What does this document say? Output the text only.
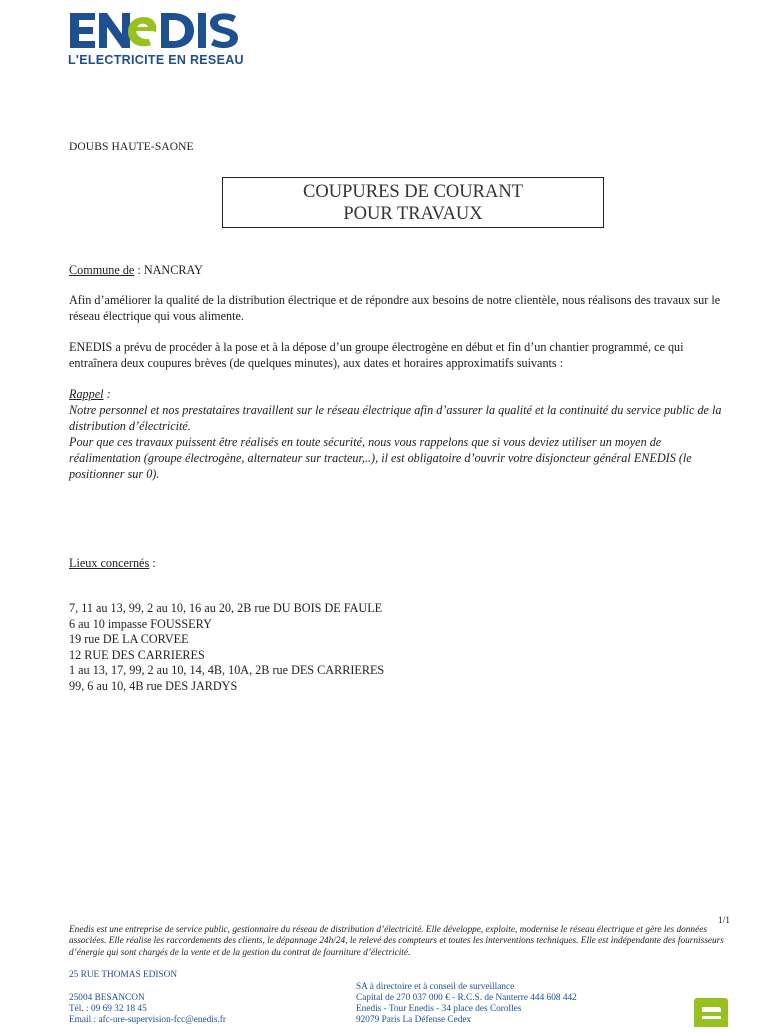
L'ELECTRICITE EN RESEAU
DOUBS HAUTE-SAONE
COUPURES DE COURANT
POUR TRAVAUX
Commune de : NANCRAY
Afin d’améliorer la qualité de la distribution électrique et de répondre aux besoins de notre clientèle, nous réalisons des travaux sur le réseau électrique qui vous alimente.
ENEDIS a prévu de procéder à la pose et à la dépose d’un groupe électrogène en début et fin d’un chantier programmé, ce qui entraînera deux coupures brèves (de quelques minutes), aux dates et horaires approximatifs suivants :
Rappel :
Notre personnel et nos prestataires travaillent sur le réseau électrique afin d’assurer la qualité et la continuité du service public de la distribution d’électricité.
Pour que ces travaux puissent être réalisés en toute sécurité, nous vous rappelons que si vous deviez utiliser un moyen de réalimentation (groupe électrogène, alternateur sur tracteur,..), il est obligatoire d’ouvrir votre disjoncteur général ENEDIS (le positionner sur 0).
Lieux concernés :
7, 11 au 13, 99, 2 au 10, 16 au 20, 2B rue DU BOIS DE FAULE
6 au 10 impasse FOUSSERY
19 rue DE LA CORVEE
12 RUE DES CARRIERES
1 au 13, 17, 99, 2 au 10, 14, 4B, 10A, 2B rue DES CARRIERES
99, 6 au 10, 4B rue DES JARDYS
1/1
Enedis est une entreprise de service public, gestionnaire du réseau de distribution d’électricité. Elle développe, exploite, modernise le réseau électrique et gère les données associées. Elle réalise les raccordements des clients, le dépannage 24h/24, le relevé des compteurs et toutes les interventions techniques. Elle est indépendante des fournisseurs d’énergie qui sont chargés de la vente et de la gestion du contrat de fourniture d’électricité.
25 RUE THOMAS EDISON
25004 BESANCON
Tél. : 09 69 32 18 45
Email : afc-ure-supervision-fcc@enedis.fr
SA à directoire et à conseil de surveillance
Capital de 270 037 000 € - R.C.S. de Nanterre 444 608 442
Enedis - Tour Enedis - 34 place des Corolles
92079 Paris La Défense Cedex
